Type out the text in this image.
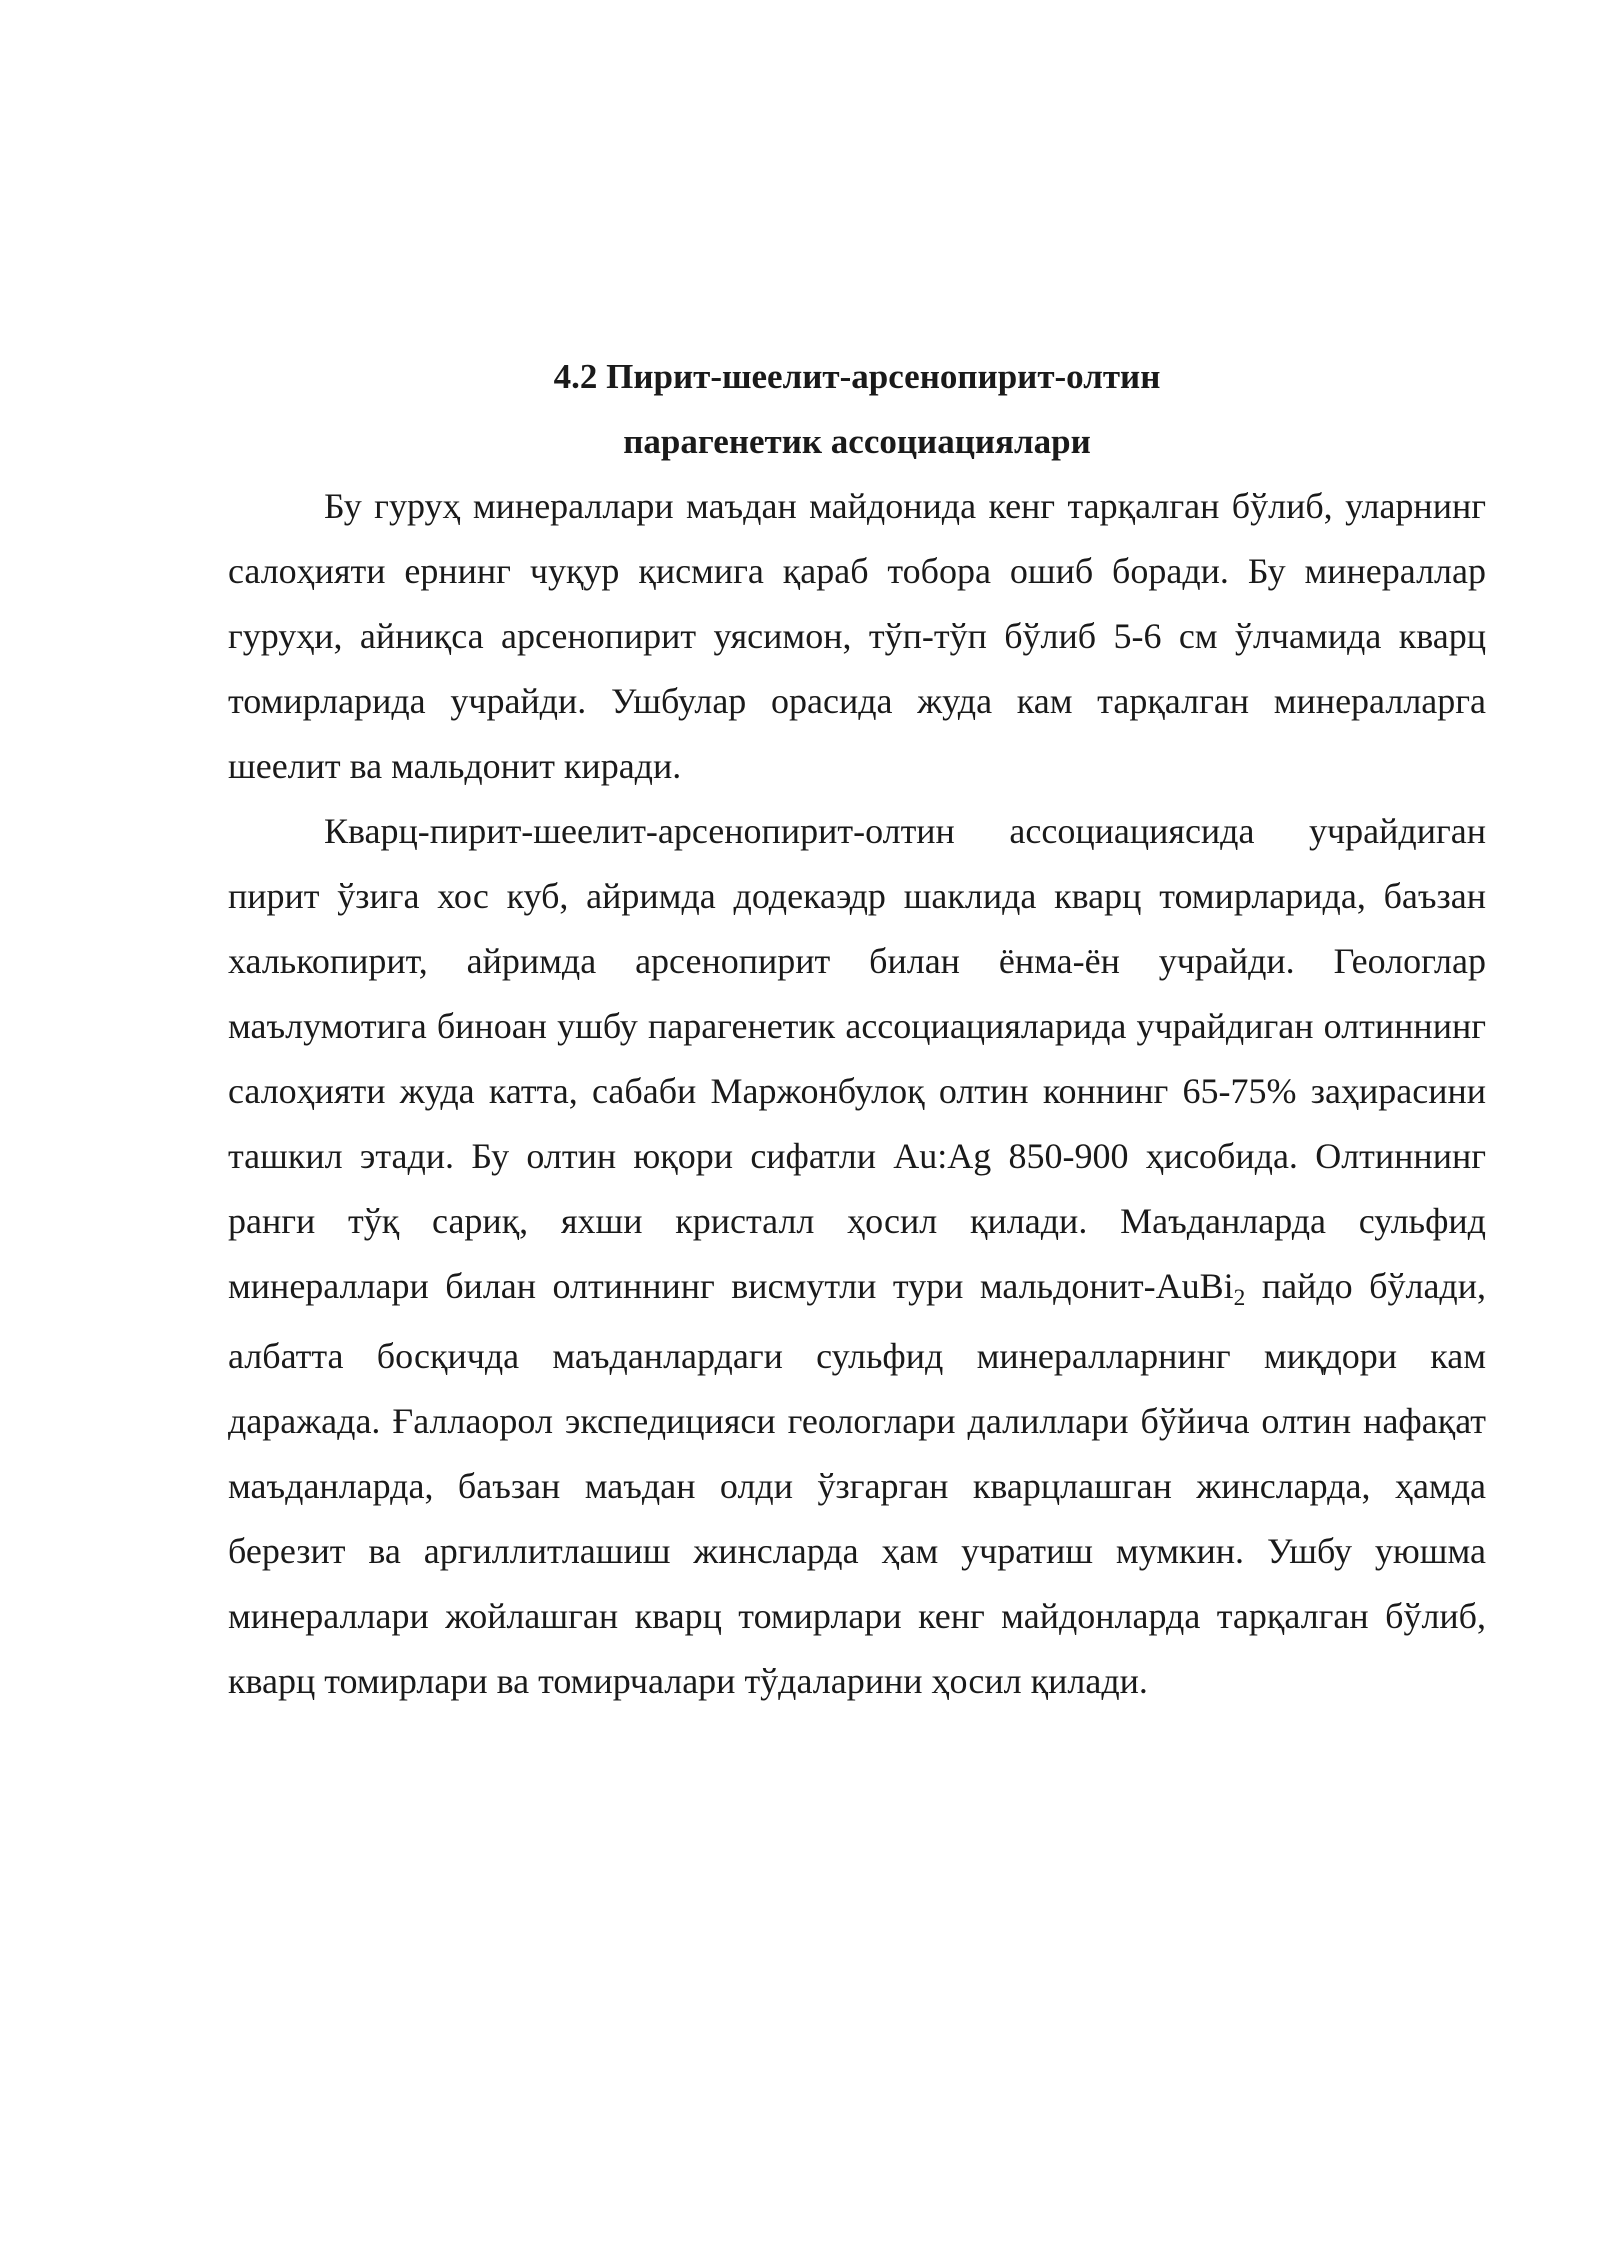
4.2 Пирит-шеелит-арсенопирит-олтин
парагенетик ассоциациялари

Бу гуруҳ минераллари маъдан майдонида кенг тарқалган бўлиб, уларнинг салоҳияти ернинг чуқур қисмига қараб тобора ошиб боради. Бу минераллар гуруҳи, айниқса арсенопирит уясимон, тўп-тўп бўлиб 5-6 см ўлчамида кварц томирларида учрайди. Ушбулар орасида жуда кам тарқалган минералларга шеелит ва мальдонит киради.

Кварц-пирит-шеелит-арсенопирит-олтин ассоциациясида учрайдиган пирит ўзига хос куб, айримда додекаэдр шаклида кварц томирларида, баъзан халькопирит, айримда арсенопирит билан ёнма-ён учрайди. Геологлар маълумотига биноан ушбу парагенетик ассоциацияларида учрайдиган олтиннинг салоҳияти жуда катта, сабаби Маржонбулоқ олтин коннинг 65-75% заҳирасини ташкил этади. Бу олтин юқори сифатли Au:Ag 850-900 ҳисобида. Олтиннинг ранги тўқ сариқ, яхши кристалл ҳосил қилади. Маъданларда сульфид минераллари билан олтиннинг висмутли тури мальдонит-AuBi2 пайдо бўлади, албатта босқичда маъданлардаги сульфид минералларнинг миқдори кам даражада. Ғаллаорол экспедицияси геологлари далиллари бўйича олтин нафақат маъданларда, баъзан маъдан олди ўзгарган кварцлашган жинсларда, ҳамда березит ва аргиллитлашиш жинсларда ҳам учратиш мумкин. Ушбу уюшма минераллари жойлашган кварц томирлари кенг майдонларда тарқалган бўлиб, кварц томирлари ва томирчалари тўдаларини ҳосил қилади.
